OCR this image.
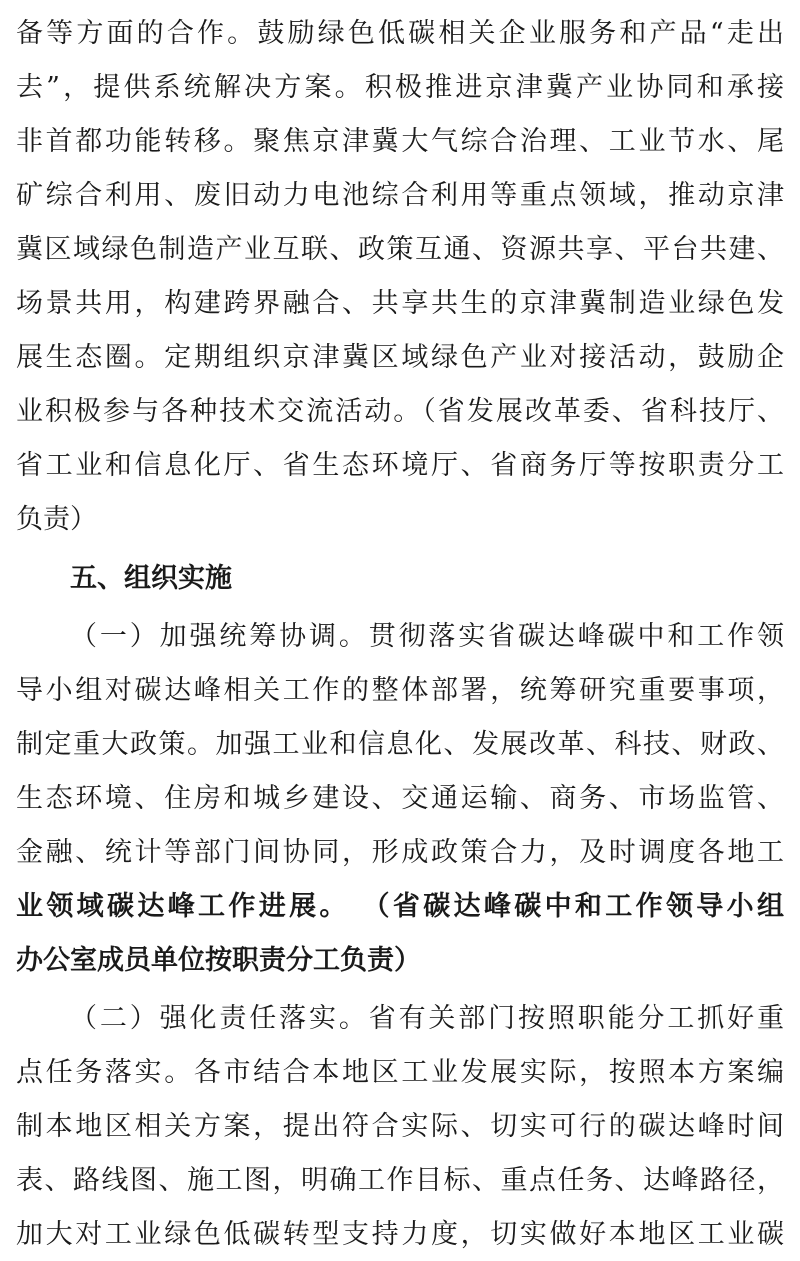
备等方面的合作。鼓励绿色低碳相关企业服务和产品“走出
去”，提供系统解决方案。积极推进京津冀产业协同和承接
非首都功能转移。聚焦京津冀大气综合治理、工业节水、尾
矿综合利用、废旧动力电池综合利用等重点领域，推动京津
冀区域绿色制造产业互联、政策互通、资源共享、平台共建、
场景共用，构建跨界融合、共享共生的京津冀制造业绿色发
展生态圈。定期组织京津冀区域绿色产业对接活动，鼓励企
业积极参与各种技术交流活动。（省发展改革委、省科技厅、
省工业和信息化厅、省生态环境厅、省商务厅等按职责分工
负责）
五、组织实施
（一）加强统筹协调。贯彻落实省碳达峰碳中和工作领
导小组对碳达峰相关工作的整体部署，统筹研究重要事项，
制定重大政策。加强工业和信息化、发展改革、科技、财政、
生态环境、住房和城乡建设、交通运输、商务、市场监管、
金融、统计等部门间协同，形成政策合力，及时调度各地工
业领域碳达峰工作进展。 （省碳达峰碳中和工作领导小组
办公室成员单位按职责分工负责）
（二）强化责任落实。省有关部门按照职能分工抓好重
点任务落实。各市结合本地区工业发展实际，按照本方案编
制本地区相关方案，提出符合实际、切实可行的碳达峰时间
表、路线图、施工图，明确工作目标、重点任务、达峰路径，
加大对工业绿色低碳转型支持力度，切实做好本地区工业碳
